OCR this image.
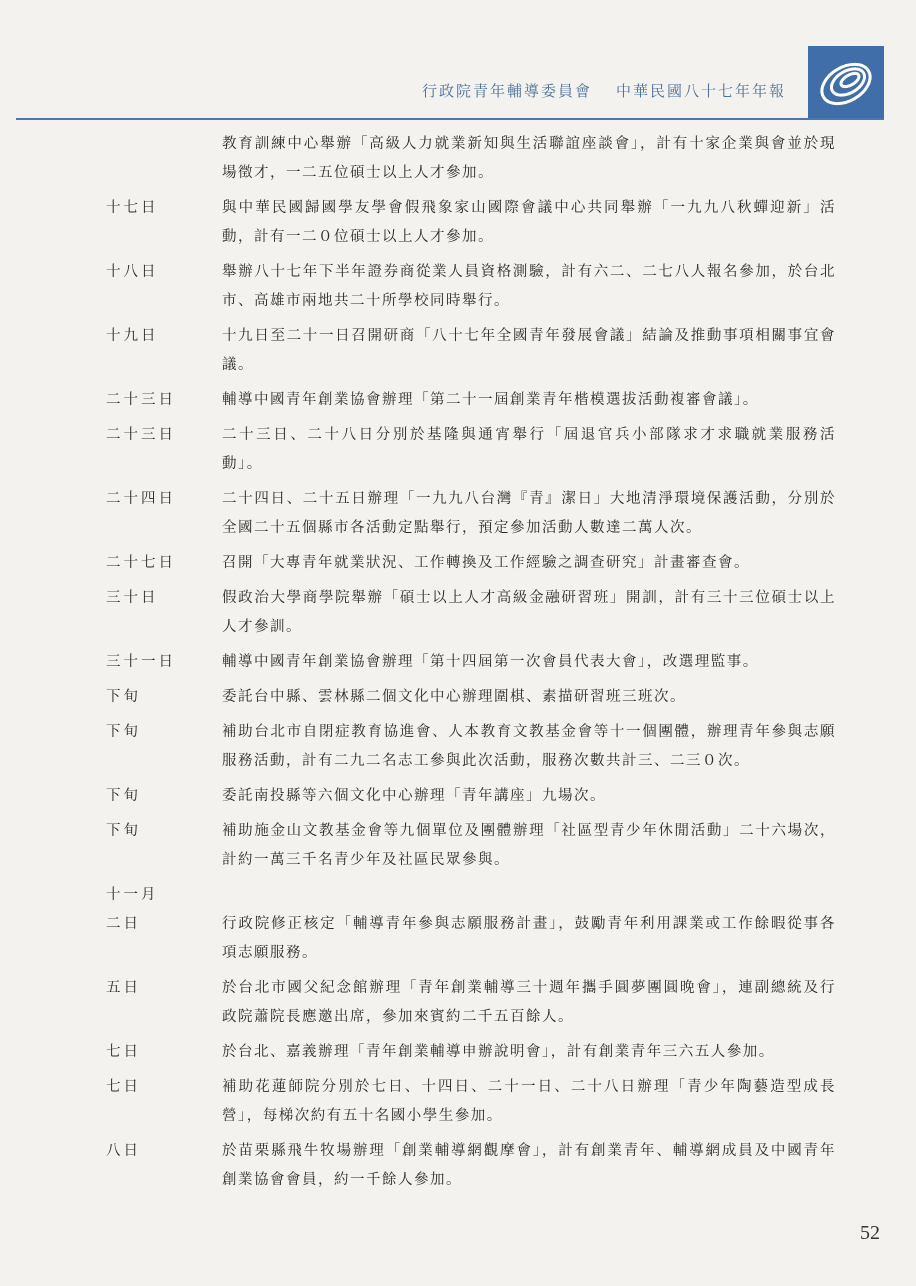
行政院青年輔導委員會 中華民國八十七年年報
教育訓練中心舉辦「高級人力就業新知與生活聯誼座談會」，計有十家企業與會並於現場徵才，一二五位碩士以上人才參加。
十七日	與中華民國歸國學友學會假飛象家山國際會議中心共同舉辦「一九九八秋蟬迎新」活動，計有一二０位碩士以上人才參加。
十八日	舉辦八十七年下半年證券商從業人員資格測驗，計有六二、二七八人報名參加，於台北市、高雄市兩地共二十所學校同時舉行。
十九日	十九日至二十一日召開研商「八十七年全國青年發展會議」結論及推動事項相關事宜會議。
二十三日	輔導中國青年創業協會辦理「第二十一屆創業青年楷模選拔活動複審會議」。
二十三日	二十三日、二十八日分別於基隆與通宵舉行「屆退官兵小部隊求才求職就業服務活動」。
二十四日	二十四日、二十五日辦理「一九九八台灣『青』潔日」大地清淨環境保護活動，分別於全國二十五個縣市各活動定點舉行，預定參加活動人數達二萬人次。
二十七日	召開「大專青年就業狀況、工作轉換及工作經驗之調查研究」計畫審查會。
三十日	假政治大學商學院舉辦「碩士以上人才高級金融研習班」開訓，計有三十三位碩士以上人才參訓。
三十一日	輔導中國青年創業協會辦理「第十四屆第一次會員代表大會」，改選理監事。
下旬	委託台中縣、雲林縣二個文化中心辦理圍棋、素描研習班三班次。
下旬	補助台北市自閉症教育協進會、人本教育文教基金會等十一個團體，辦理青年參與志願服務活動，計有二九二名志工參與此次活動，服務次數共計三、二三０次。
下旬	委託南投縣等六個文化中心辦理「青年講座」九場次。
下旬	補助施金山文教基金會等九個單位及團體辦理「社區型青少年休閒活動」二十六場次，計約一萬三千名青少年及社區民眾參與。
十一月
二日	行政院修正核定「輔導青年參與志願服務計畫」，鼓勵青年利用課業或工作餘暇從事各項志願服務。
五日	於台北市國父紀念館辦理「青年創業輔導三十週年攜手圓夢團圓晚會」，連副總統及行政院蕭院長應邀出席，參加來賓約二千五百餘人。
七日	於台北、嘉義辦理「青年創業輔導申辦說明會」，計有創業青年三六五人參加。
七日	補助花蓮師院分別於七日、十四日、二十一日、二十八日辦理「青少年陶藝造型成長營」，每梯次約有五十名國小學生參加。
八日	於苗栗縣飛牛牧場辦理「創業輔導網觀摩會」，計有創業青年、輔導網成員及中國青年創業協會會員，約一千餘人參加。
52
